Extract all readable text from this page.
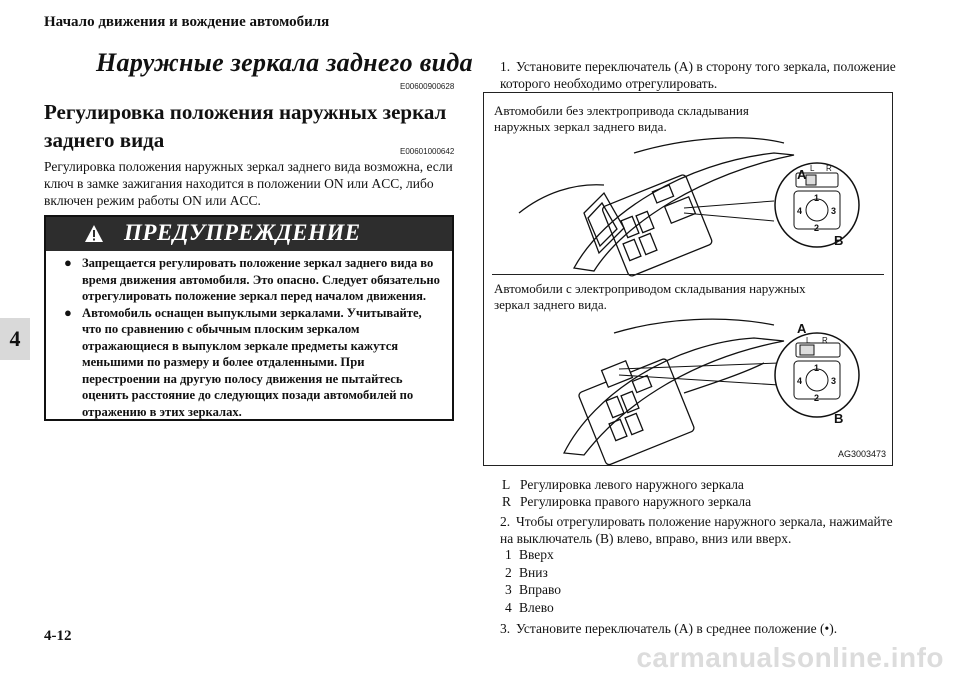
Начало движения и вождение автомобиля
Наружные зеркала заднего вида
E00600900628
Регулировка положения наружных зеркал заднего вида	E00601000642
Регулировка положения наружных зеркал заднего вида возможна, если ключ в замке зажигания находится в положении ON или ACC, либо включен режим работы ON или ACC.
4
ПРЕДУПРЕЖДЕНИЕ
● Запрещается регулировать положение зеркал заднего вида во время движения автомобиля. Это опасно. Следует обязательно отрегулировать положение зеркал перед началом движения.
● Автомобиль оснащен выпуклыми зеркалами. Учитывайте, что по сравнению с обычным плоским зеркалом отражающиеся в выпуклом зеркале предметы кажутся меньшими по размеру и более отдаленными. При перестроении на другую полосу движения не пытайтесь оценить расстояние до следующих позади автомобилей по отражению в этих зеркалах.
1. Установите переключатель (A) в сторону того зеркала, положение которого необходимо отрегулировать.
Автомобили без электропривода складывания наружных зеркал заднего вида.
Автомобили с электроприводом складывания наружных зеркал заднего вида.
A
B
L R
1
2
3
4
A
B
L R
1
2
3
4
AG3003473
L Регулировка левого наружного зеркала
R Регулировка правого наружного зеркала
2. Чтобы отрегулировать положение наружного зеркала, нажимайте на выключатель (B) влево, вправо, вниз или вверх.
1 Вверх
2 Вниз
3 Вправо
4 Влево
3. Установите переключатель (A) в среднее положение (•).
4-12
carmanualsonline.info
